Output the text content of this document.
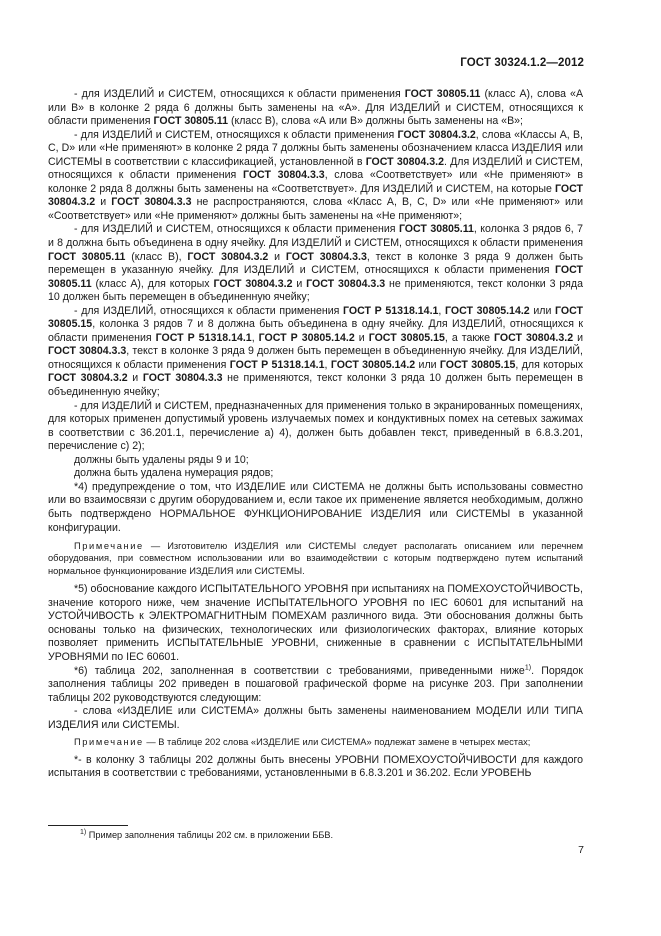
ГОСТ 30324.1.2—2012

- для ИЗДЕЛИЙ и СИСТЕМ, относящихся к области применения ГОСТ 30805.11 (класс А), слова «А или В» в колонке 2 ряда 6 должны быть заменены на «А». Для ИЗДЕЛИЙ и СИСТЕМ, относящихся к области применения ГОСТ 30805.11 (класс В), слова «А или В» должны быть заменены на «В»;

- для ИЗДЕЛИЙ и СИСТЕМ, относящихся к области применения ГОСТ 30804.3.2, слова «Классы А, В, С, D» или «Не применяют» в колонке 2 ряда 7 должны быть заменены обозначением класса ИЗДЕЛИЯ или СИСТЕМЫ в соответствии с классификацией, установленной в ГОСТ 30804.3.2. Для ИЗДЕЛИЙ и СИСТЕМ, относящихся к области применения ГОСТ 30804.3.3, слова «Соответствует» или «Не применяют» в колонке 2 ряда 8 должны быть заменены на «Соответствует». Для ИЗДЕЛИЙ и СИСТЕМ, на которые ГОСТ 30804.3.2 и ГОСТ 30804.3.3 не распространяются, слова «Класс А, В, С, D» или «Не применяют» или «Соответствует» или «Не применяют» должны быть заменены на «Не применяют»;

- для ИЗДЕЛИЙ и СИСТЕМ, относящихся к области применения ГОСТ 30805.11, колонка 3 рядов 6, 7 и 8 должна быть объединена в одну ячейку. Для ИЗДЕЛИЙ и СИСТЕМ, относящихся к области применения ГОСТ 30805.11 (класс В), ГОСТ 30804.3.2 и ГОСТ 30804.3.3, текст в колонке 3 ряда 9 должен быть перемещен в указанную ячейку. Для ИЗДЕЛИЙ и СИСТЕМ, относящихся к области применения ГОСТ 30805.11 (класс А), для которых ГОСТ 30804.3.2 и ГОСТ 30804.3.3 не применяются, текст колонки 3 ряда 10 должен быть перемещен в объединенную ячейку;

- для ИЗДЕЛИЙ, относящихся к области применения ГОСТ Р 51318.14.1, ГОСТ 30805.14.2 или ГОСТ 30805.15, колонка 3 рядов 7 и 8 должна быть объединена в одну ячейку. Для ИЗДЕЛИЙ, относящихся к области применения ГОСТ Р 51318.14.1, ГОСТ Р 30805.14.2 и ГОСТ 30805.15, а также ГОСТ 30804.3.2 и ГОСТ 30804.3.3, текст в колонке 3 ряда 9 должен быть перемещен в объединенную ячейку. Для ИЗДЕЛИЙ, относящихся к области применения ГОСТ Р 51318.14.1, ГОСТ 30805.14.2 или ГОСТ 30805.15, для которых ГОСТ 30804.3.2 и ГОСТ 30804.3.3 не применяются, текст колонки 3 ряда 10 должен быть перемещен в объединенную ячейку;

- для ИЗДЕЛИЙ и СИСТЕМ, предназначенных для применения только в экранированных помещениях, для которых применен допустимый уровень излучаемых помех и кондуктивных помех на сетевых зажимах в соответствии с 36.201.1, перечисление а) 4), должен быть добавлен текст, приведенный в 6.8.3.201, перечисление с) 2);

должны быть удалены ряды 9 и 10;

должна быть удалена нумерация рядов;

*4) предупреждение о том, что ИЗДЕЛИЕ или СИСТЕМА не должны быть использованы совместно или во взаимосвязи с другим оборудованием и, если такое их применение является необходимым, должно быть подтверждено НОРМАЛЬНОЕ ФУНКЦИОНИРОВАНИЕ ИЗДЕЛИЯ или СИСТЕМЫ в указанной конфигурации.

Примечание — Изготовителю ИЗДЕЛИЯ или СИСТЕМЫ следует располагать описанием или перечнем оборудования, при совместном использовании или во взаимодействии с которым подтверждено путем испытаний нормальное функционирование ИЗДЕЛИЯ или СИСТЕМЫ.

*5) обоснование каждого ИСПЫТАТЕЛЬНОГО УРОВНЯ при испытаниях на ПОМЕХОУСТОЙЧИВОСТЬ, значение которого ниже, чем значение ИСПЫТАТЕЛЬНОГО УРОВНЯ по IEC 60601 для испытаний на УСТОЙЧИВОСТЬ к ЭЛЕКТРОМАГНИТНЫМ ПОМЕХАМ различного вида. Эти обоснования должны быть основаны только на физических, технологических или физиологических факторах, влияние которых позволяет применить ИСПЫТАТЕЛЬНЫЕ УРОВНИ, сниженные в сравнении с ИСПЫТАТЕЛЬНЫМИ УРОВНЯМИ по IEC 60601.

*6) таблица 202, заполненная в соответствии с требованиями, приведенными ниже$^{1)}$. Порядок заполнения таблицы 202 приведен в пошаговой графической форме на рисунке 203. При заполнении таблицы 202 руководствуются следующим:

- слова «ИЗДЕЛИЕ или СИСТЕМА» должны быть заменены наименованием МОДЕЛИ ИЛИ ТИПА ИЗДЕЛИЯ или СИСТЕМЫ.

Примечание — В таблице 202 слова «ИЗДЕЛИЕ или СИСТЕМА» подлежат замене в четырех местах;

*- в колонку 3 таблицы 202 должны быть внесены УРОВНИ ПОМЕХОУСТОЙЧИВОСТИ для каждого испытания в соответствии с требованиями, установленными в 6.8.3.201 и 36.202. Если УРОВЕНЬ

$^{1)}$ Пример заполнения таблицы 202 см. в приложении ББВ.
7
